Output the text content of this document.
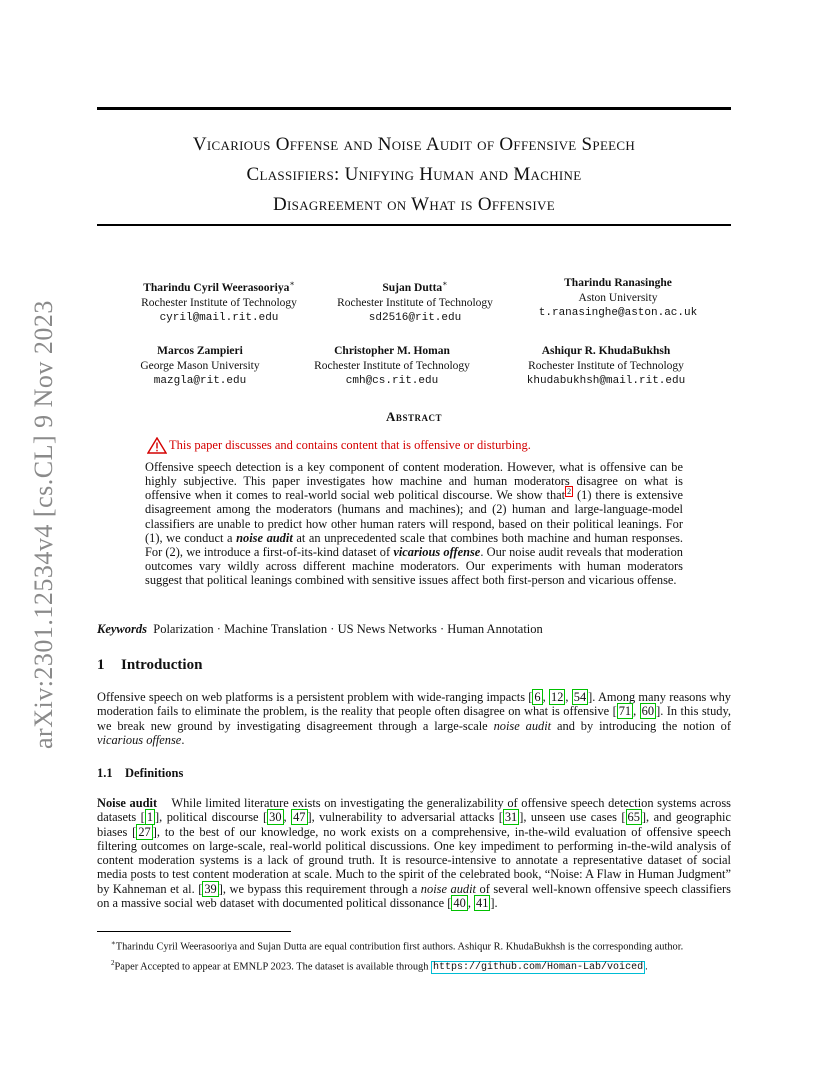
arXiv:2301.12534v4 [cs.CL] 9 Nov 2023
Vicarious Offense and Noise Audit of Offensive Speech
Classifiers: Unifying Human and Machine
Disagreement on What is Offensive
Tharindu Cyril Weerasooriya∗
Rochester Institute of Technology
cyril@mail.rit.edu
Sujan Dutta∗
Rochester Institute of Technology
sd2516@rit.edu
Tharindu Ranasinghe
Aston University
t.ranasinghe@aston.ac.uk
Marcos Zampieri
George Mason University
mazgla@rit.edu
Christopher M. Homan
Rochester Institute of Technology
cmh@cs.rit.edu
Ashiqur R. KhudaBukhsh
Rochester Institute of Technology
khudabukhsh@mail.rit.edu
Abstract
This paper discusses and contains content that is offensive or disturbing.
Offensive speech detection is a key component of content moderation. However, what is offensive can be highly subjective. This paper investigates how machine and human moderators disagree on what is offensive when it comes to real-world social web political discourse. We show that $^2$ (1) there is extensive disagreement among the moderators (humans and machines); and (2) human and large-language-model classifiers are unable to predict how other human raters will respond, based on their political leanings. For (1), we conduct a noise audit at an unprecedented scale that combines both machine and human responses. For (2), we introduce a first-of-its-kind dataset of vicarious offense. Our noise audit reveals that moderation outcomes vary wildly across different machine moderators. Our experiments with human moderators suggest that political leanings combined with sensitive issues affect both first-person and vicarious offense.
Keywords Polarization · Machine Translation · US News Networks · Human Annotation
1 Introduction
Offensive speech on web platforms is a persistent problem with wide-ranging impacts [ 6 , 12 , 54 ]. Among many reasons why moderation fails to eliminate the problem, is the reality that people often disagree on what is offensive [ 71 , 60 ]. In this study, we break new ground by investigating disagreement through a large-scale noise audit and by introducing the notion of vicarious offense.
1.1 Definitions
Noise audit While limited literature exists on investigating the generalizability of offensive speech detection systems across datasets [ 1 ], political discourse [ 30 , 47 ], vulnerability to adversarial attacks [ 31 ], unseen use cases [ 65 ], and geographic biases [ 27 ], to the best of our knowledge, no work exists on a comprehensive, in-the-wild evaluation of offensive speech filtering outcomes on large-scale, real-world political discussions. One key impediment to performing in-the-wild analysis of content moderation systems is a lack of ground truth. It is resource-intensive to annotate a representative dataset of social media posts to test content moderation at scale. Much to the spirit of the celebrated book, “Noise: A Flaw in Human Judgment” by Kahneman et al. [ 39 ], we bypass this requirement through a noise audit of several well-known offensive speech classifiers on a massive social web dataset with documented political dissonance [ 40 , 41 ].
∗Tharindu Cyril Weerasooriya and Sujan Dutta are equal contribution first authors. Ashiqur R. KhudaBukhsh is the corresponding author.
$^2$Paper Accepted to appear at EMNLP 2023. The dataset is available through https://github.com/Homan-Lab/voiced .
